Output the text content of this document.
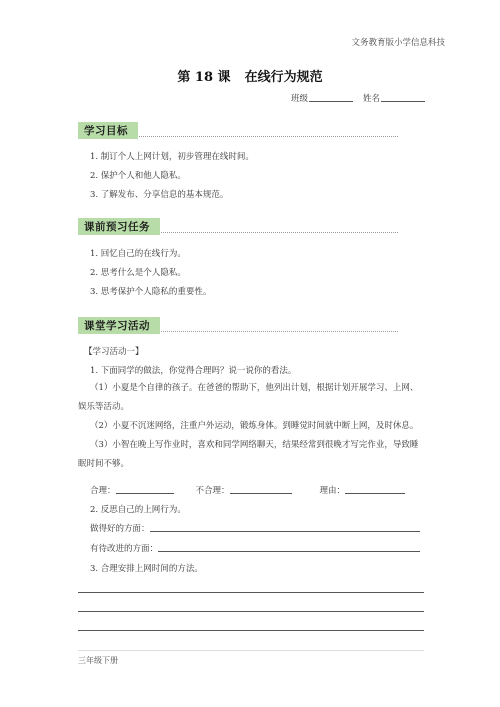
文务教育版小学信息科技
第 18 课 在线行为规范
班级	姓名
学习目标
1. 制订个人上网计划，初步管理在线时间。
2. 保护个人和他人隐私。
3. 了解发布、分享信息的基本规范。
课前预习任务
1. 回忆自己的在线行为。
2. 思考什么是个人隐私。
3. 思考保护个人隐私的重要性。
课堂学习活动
【学习活动一】
1. 下面同学的做法，你觉得合理吗？说一说你的看法。
（1）小夏是个自律的孩子。在爸爸的帮助下，他列出计划，根据计划开展学习、上网、娱乐等活动。
（2）小夏不沉迷网络，注重户外运动，锻炼身体。到睡觉时间就中断上网，及时休息。
（3）小智在晚上写作业时，喜欢和同学网络聊天，结果经常到很晚才写完作业，导致睡眠时间不够。
合理：	不合理：	理由：
2. 反思自己的上网行为。
做得好的方面：
有待改进的方面：
3. 合理安排上网时间的方法。
三年级下册
